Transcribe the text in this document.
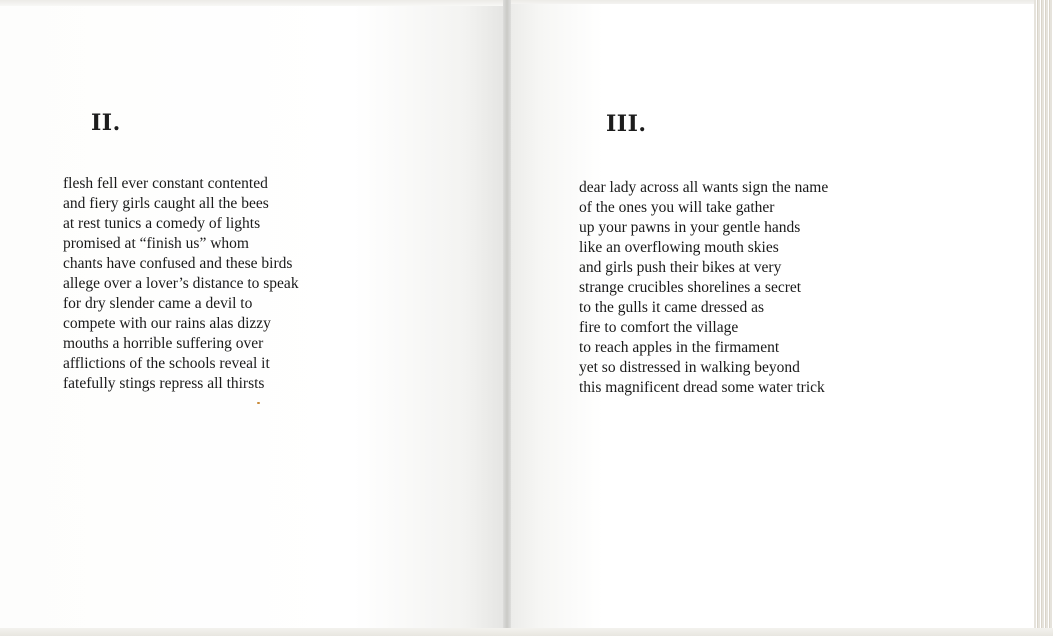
II.
flesh fell ever constant contented
and fiery girls caught all the bees
at rest tunics a comedy of lights
promised at “finish us” whom
chants have confused and these birds
allege over a lover’s distance to speak
for dry slender came a devil to
compete with our rains alas dizzy
mouths a horrible suffering over
afflictions of the schools reveal it
fatefully stings repress all thirsts
III.
dear lady across all wants sign the name
of the ones you will take gather
up your pawns in your gentle hands
like an overflowing mouth skies
and girls push their bikes at very
strange crucibles shorelines a secret
to the gulls it came dressed as
fire to comfort the village
to reach apples in the firmament
yet so distressed in walking beyond
this magnificent dread some water trick
